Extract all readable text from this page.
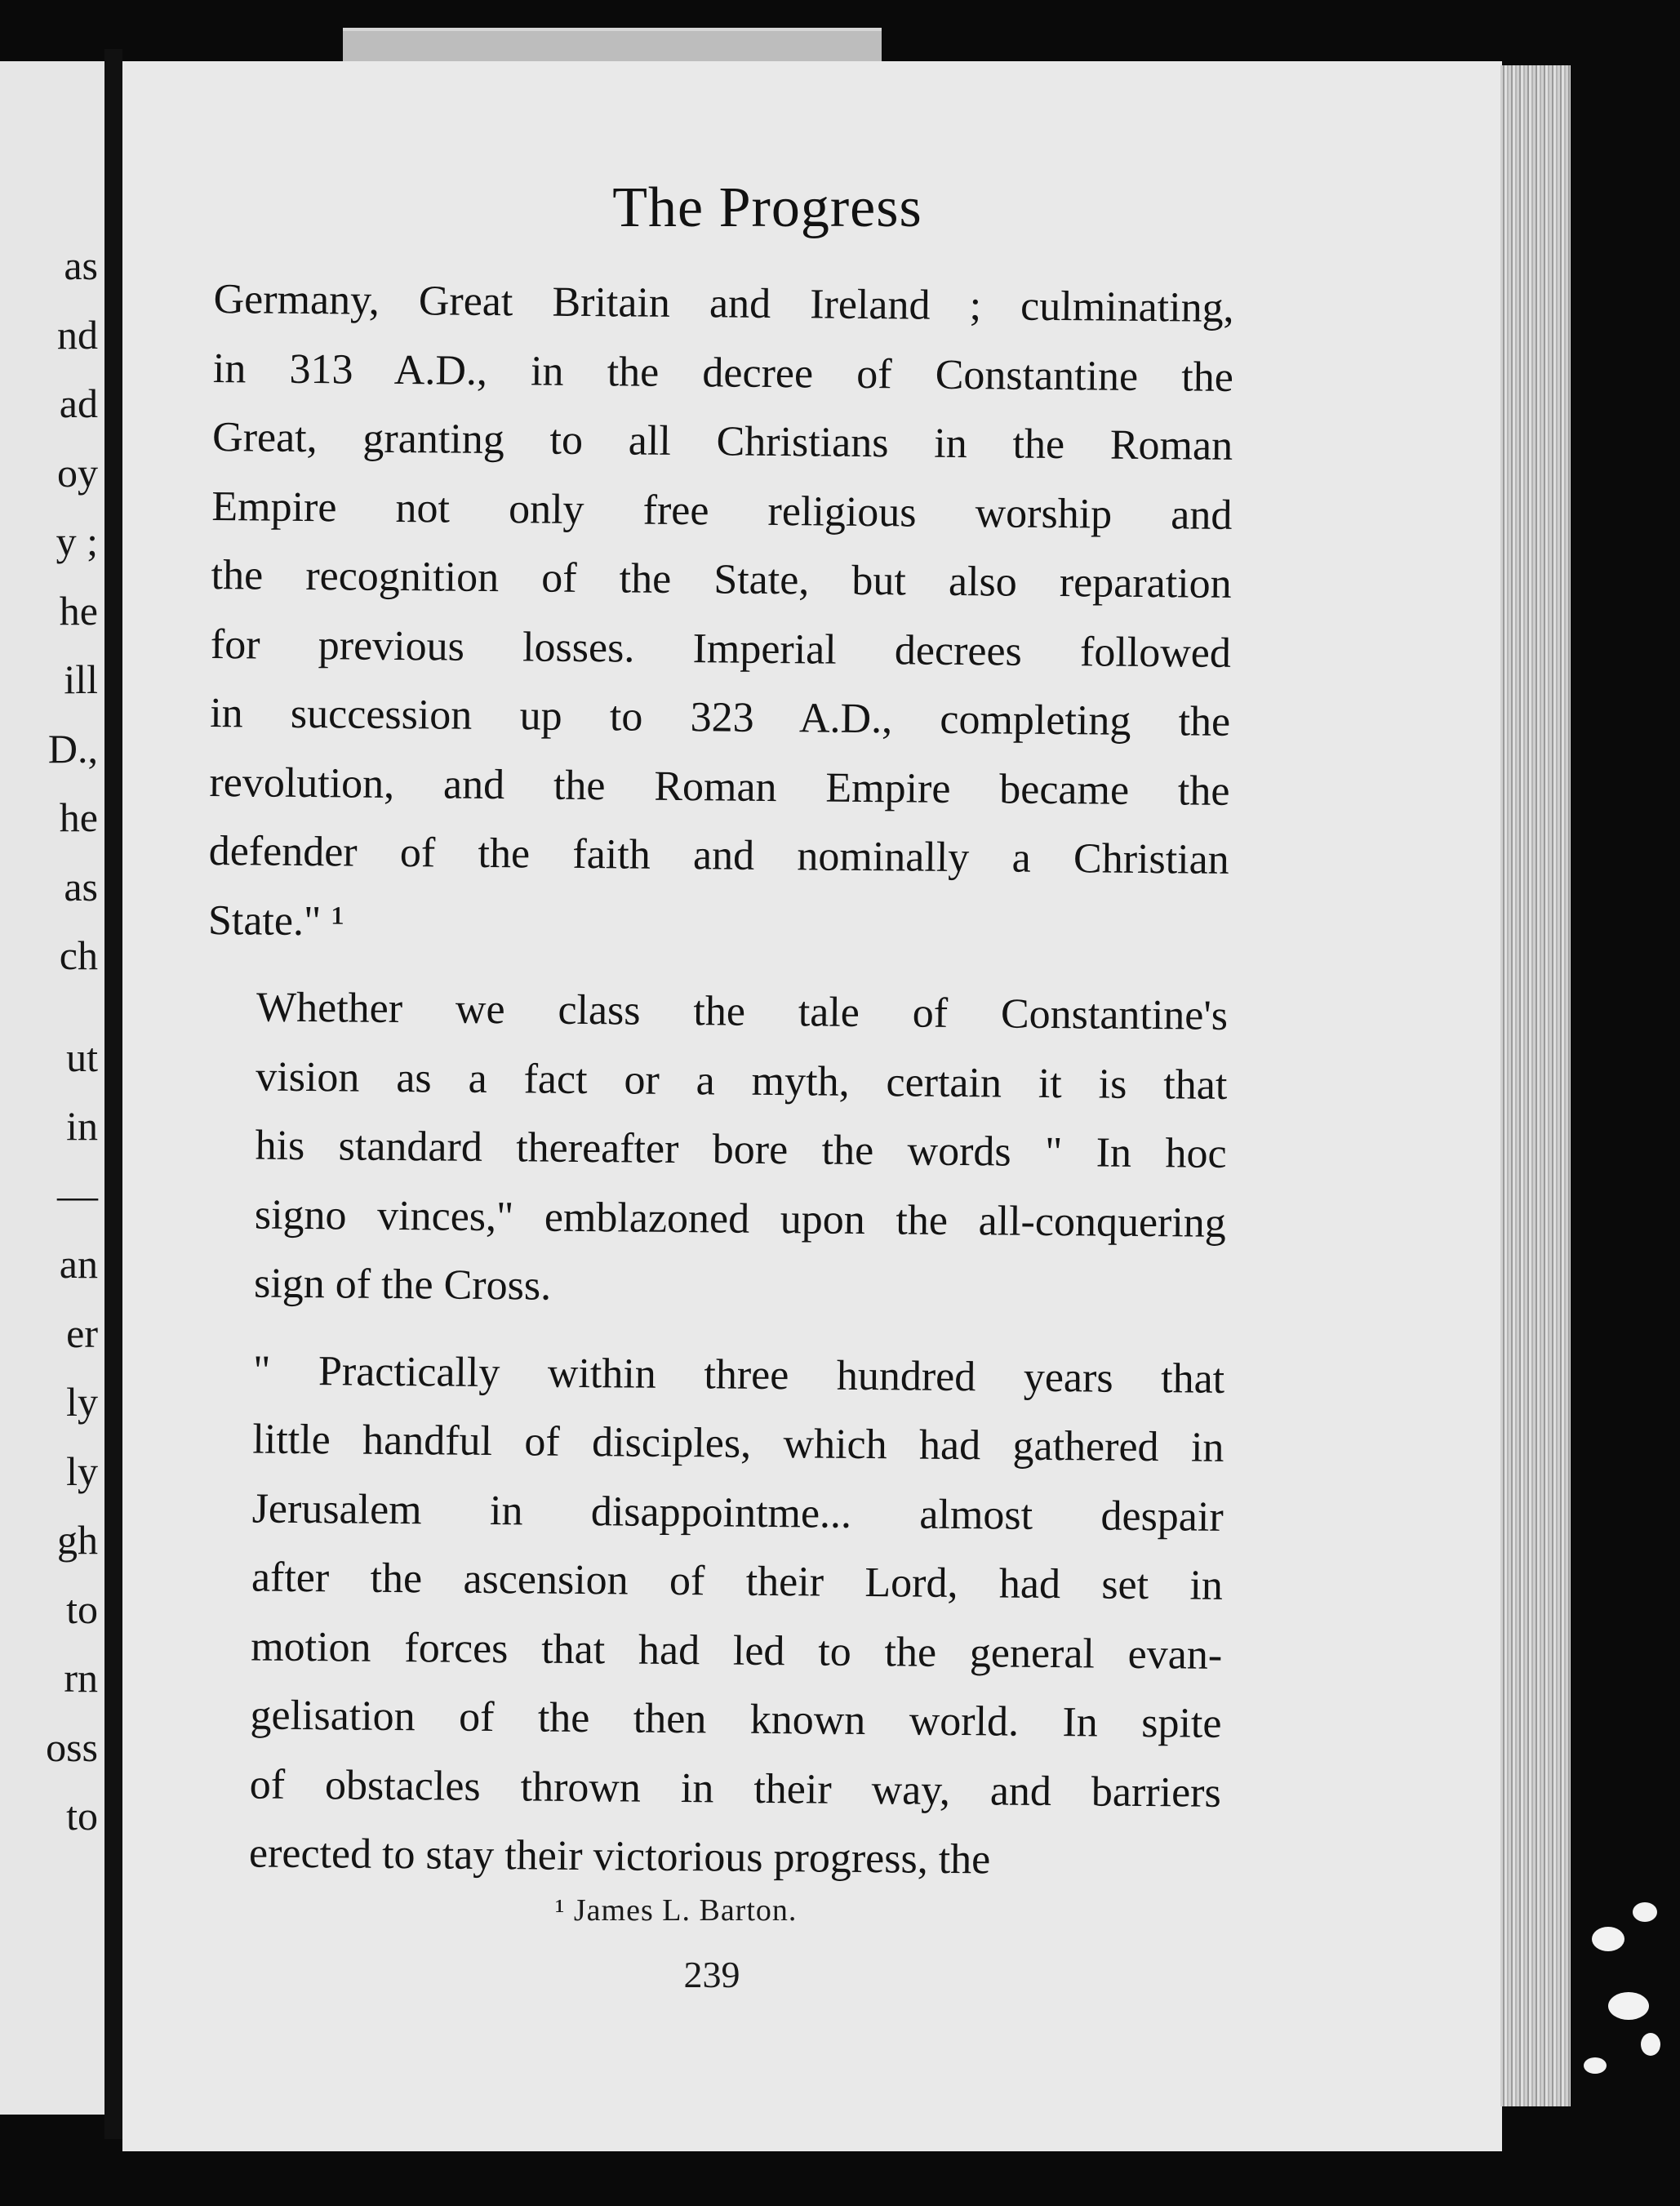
as
nd
ad
oy
y ;
he
ill
D.,
he
as
ch
ut
in
—
an
er
ly
ly
gh
to
rn
oss
to
The Progress
Germany, Great Britain and Ireland ; culminating,
in 313 A.D., in the decree of Constantine the
Great, granting to all Christians in the Roman
Empire not only free religious worship and
the recognition of the State, but also reparation
for previous losses. Imperial decrees followed
in succession up to 323 A.D., completing the
revolution, and the Roman Empire became the
defender of the faith and nominally a Christian
State." ¹
Whether we class the tale of Constantine's
vision as a fact or a myth, certain it is that
his standard thereafter bore the words " In hoc
signo vinces," emblazoned upon the all-conquering
sign of the Cross.
" Practically within three hundred years that
little handful of disciples, which had gathered in
Jerusalem in disappointme... almost despair
after the ascension of their Lord, had set in
motion forces that had led to the general evan-
gelisation of the then known world. In spite
of obstacles thrown in their way, and barriers
erected to stay their victorious progress, the
¹ James L. Barton.
239
